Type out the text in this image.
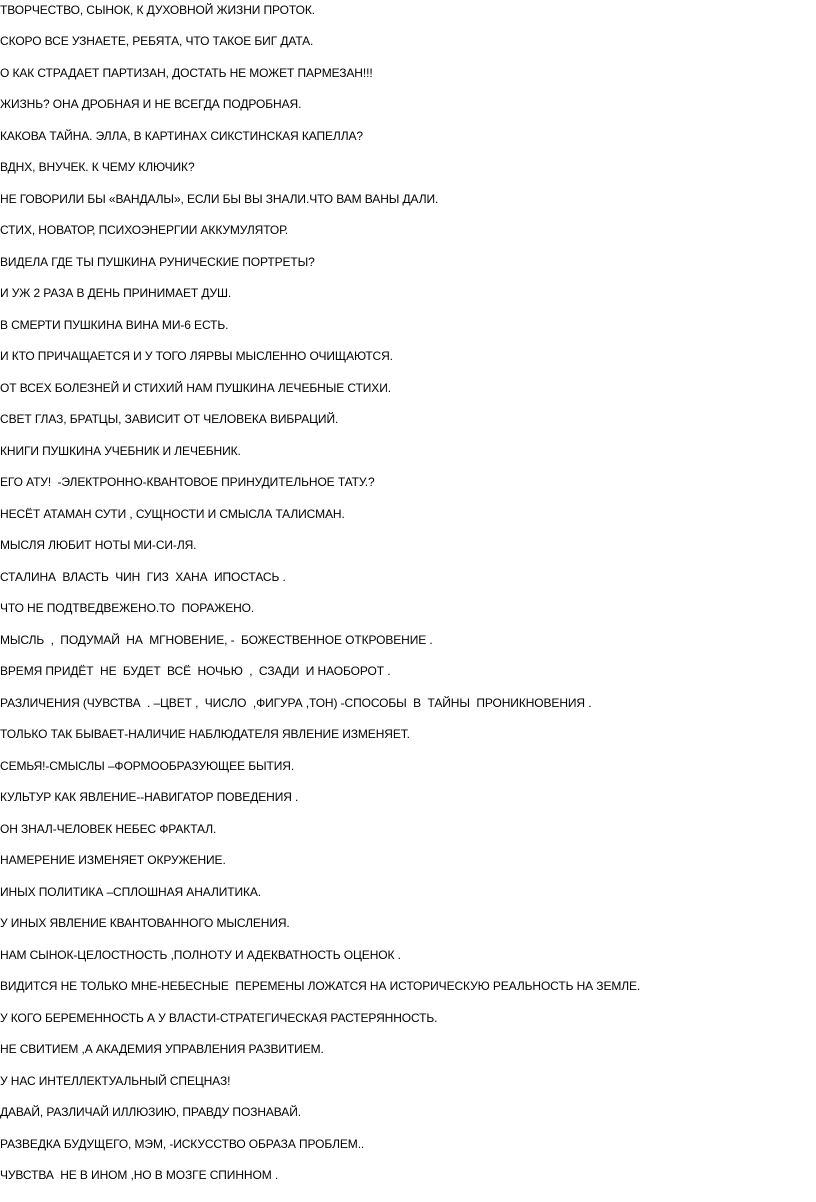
ТВОРЧЕСТВО, СЫНОК, К ДУХОВНОЙ ЖИЗНИ ПРОТОК.
СКОРО ВСЕ УЗНАЕТЕ, РЕБЯТА, ЧТО ТАКОЕ БИГ ДАТА.
О КАК СТРАДАЕТ ПАРТИЗАН, ДОСТАТЬ НЕ МОЖЕТ ПАРМЕЗАН!!!
ЖИЗНЬ? ОНА ДРОБНАЯ И НЕ ВСЕГДА ПОДРОБНАЯ.
КАКОВА ТАЙНА. ЭЛЛА, В КАРТИНАХ СИКСТИНСКАЯ КАПЕЛЛА?
ВДНХ, ВНУЧЕК. К ЧЕМУ КЛЮЧИК?
НЕ ГОВОРИЛИ БЫ «ВАНДАЛЫ», ЕСЛИ БЫ ВЫ ЗНАЛИ.ЧТО ВАМ ВАНЫ ДАЛИ.
СТИХ, НОВАТОР, ПСИХОЭНЕРГИИ АККУМУЛЯТОР.
ВИДЕЛА ГДЕ ТЫ ПУШКИНА РУНИЧЕСКИЕ ПОРТРЕТЫ?
И УЖ 2 РАЗА В ДЕНЬ ПРИНИМАЕТ ДУШ.
В СМЕРТИ ПУШКИНА ВИНА МИ-6 ЕСТЬ.
И КТО ПРИЧАЩАЕТСЯ И У ТОГО ЛЯРВЫ МЫСЛЕННО ОЧИЩАЮТСЯ.
ОТ ВСЕХ БОЛЕЗНЕЙ И СТИХИЙ НАМ ПУШКИНА ЛЕЧЕБНЫЕ СТИХИ.
СВЕТ ГЛАЗ, БРАТЦЫ, ЗАВИСИТ ОТ ЧЕЛОВЕКА ВИБРАЦИЙ.
КНИГИ ПУШКИНА УЧЕБНИК И ЛЕЧЕБНИК.
ЕГО АТУ!  -ЭЛЕКТРОННО-КВАНТОВОЕ ПРИНУДИТЕЛЬНОЕ ТАТУ.?
НЕСЁТ АТАМАН СУТИ , СУЩНОСТИ И СМЫСЛА ТАЛИСМАН.
МЫСЛЯ ЛЮБИТ НОТЫ МИ-СИ-ЛЯ.
СТАЛИНА  ВЛАСТЬ  ЧИН  ГИЗ  ХАНА  ИПОСТАСЬ .
ЧТО НЕ ПОДТВЕДВЕЖЕНО.ТО  ПОРАЖЕНО.
МЫСЛЬ  ,  ПОДУМАЙ  НА  МГНОВЕНИЕ, -  БОЖЕСТВЕННОЕ ОТКРОВЕНИЕ .
ВРЕМЯ ПРИДЁТ  НЕ  БУДЕТ  ВСЁ  НОЧЬЮ  ,  СЗАДИ  И НАОБОРОТ .
РАЗЛИЧЕНИЯ (ЧУВСТВА  . –ЦВЕТ ,  ЧИСЛО  ,ФИГУРА ,ТОН) -СПОСОБЫ  В  ТАЙНЫ  ПРОНИКНОВЕНИЯ .
ТОЛЬКО ТАК БЫВАЕТ-НАЛИЧИЕ НАБЛЮДАТЕЛЯ ЯВЛЕНИЕ ИЗМЕНЯЕТ.
СЕМЬЯ!-СМЫСЛЫ –ФОРМООБРАЗУЮЩЕЕ БЫТИЯ.
КУЛЬТУР КАК ЯВЛЕНИЕ--НАВИГАТОР ПОВЕДЕНИЯ .
ОН ЗНАЛ-ЧЕЛОВЕК НЕБЕС ФРАКТАЛ.
НАМЕРЕНИЕ ИЗМЕНЯЕТ ОКРУЖЕНИЕ.
ИНЫХ ПОЛИТИКА –СПЛОШНАЯ АНАЛИТИКА.
У ИНЫХ ЯВЛЕНИЕ КВАНТОВАННОГО МЫСЛЕНИЯ.
НАМ СЫНОК-ЦЕЛОСТНОСТЬ ,ПОЛНОТУ И АДЕКВАТНОСТЬ ОЦЕНОК .
ВИДИТСЯ НЕ ТОЛЬКО МНЕ-НЕБЕСНЫЕ  ПЕРЕМЕНЫ ЛОЖАТСЯ НА ИСТОРИЧЕСКУЮ РЕАЛЬНОСТЬ НА ЗЕМЛЕ.
У КОГО БЕРЕМЕННОСТЬ А У ВЛАСТИ-СТРАТЕГИЧЕСКАЯ РАСТЕРЯННОСТЬ.
НЕ СВИТИЕМ ,А АКАДЕМИЯ УПРАВЛЕНИЯ РАЗВИТИЕМ.
У НАС ИНТЕЛЛЕКТУАЛЬНЫЙ СПЕЦНАЗ!
ДАВАЙ, РАЗЛИЧАЙ ИЛЛЮЗИЮ, ПРАВДУ ПОЗНАВАЙ.
РАЗВЕДКА БУДУЩЕГО, МЭМ, -ИСКУССТВО ОБРАЗА ПРОБЛЕМ..
ЧУВСТВА  НЕ В ИНОМ ,НО В МОЗГЕ СПИННОМ .
